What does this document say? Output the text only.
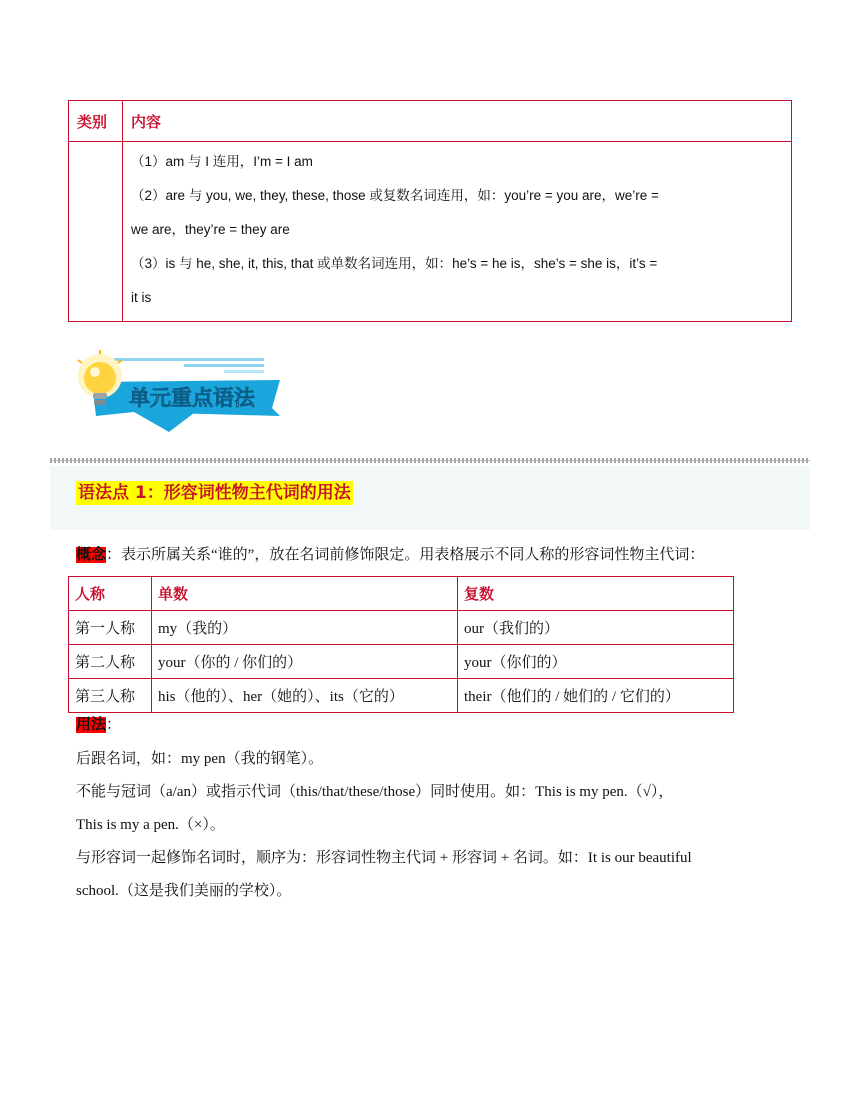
类别	内容

	（1）am 与 I 连用，I’m = I am
（2）are 与 you, we, they, these, those 或复数名词连用，如：you’re = you are，we’re =
we are，they’re = they are
（3）is 与 he, she, it, this, that 或单数名词连用，如：he’s = he is，she’s = she is，it’s =
it is
单元重点语法
语法点 1：形容词性物主代词的用法
概念：表示所属关系“谁的”，放在名词前修饰限定。用表格展示不同人称的形容词性物主代词：
人称	单数	复数
第一人称	my（我的）	our（我们的）
第二人称	your（你的 / 你们的）	your（你们的）
第三人称	his（他的）、her（她的）、its（它的）	their（他们的 / 她们的 / 它们的）
用法：
后跟名词，如：my pen（我的钢笔）。
不能与冠词（a/an）或指示代词（this/that/these/those）同时使用。如：This is my pen.（√），
This is my a pen.（×）。
与形容词一起修饰名词时，顺序为：形容词性物主代词 + 形容词 + 名词。如：It is our beautiful
school.（这是我们美丽的学校）。
